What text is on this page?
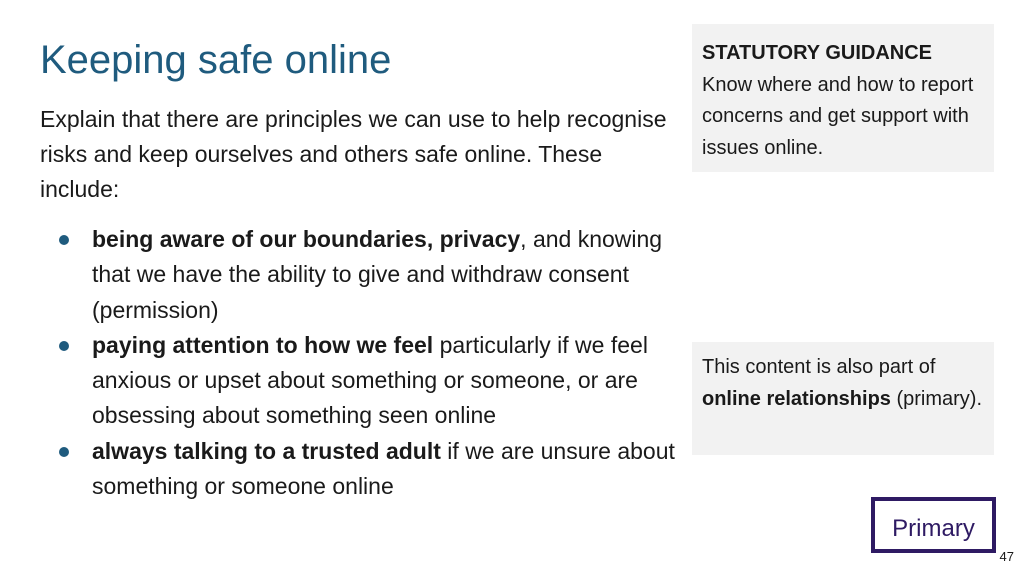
Keeping safe online

Explain that there are principles we can use to help recognise risks and keep ourselves and others safe online. These include:

being aware of our boundaries, privacy, and knowing that we have the ability to give and withdraw consent (permission)
paying attention to how we feel particularly if we feel anxious or upset about something or someone, or are obsessing about something seen online
always talking to a trusted adult if we are unsure about something or someone online
STATUTORY GUIDANCE
Know where and how to report concerns and get support with issues online.
This content is also part of online relationships (primary).
Primary
47
